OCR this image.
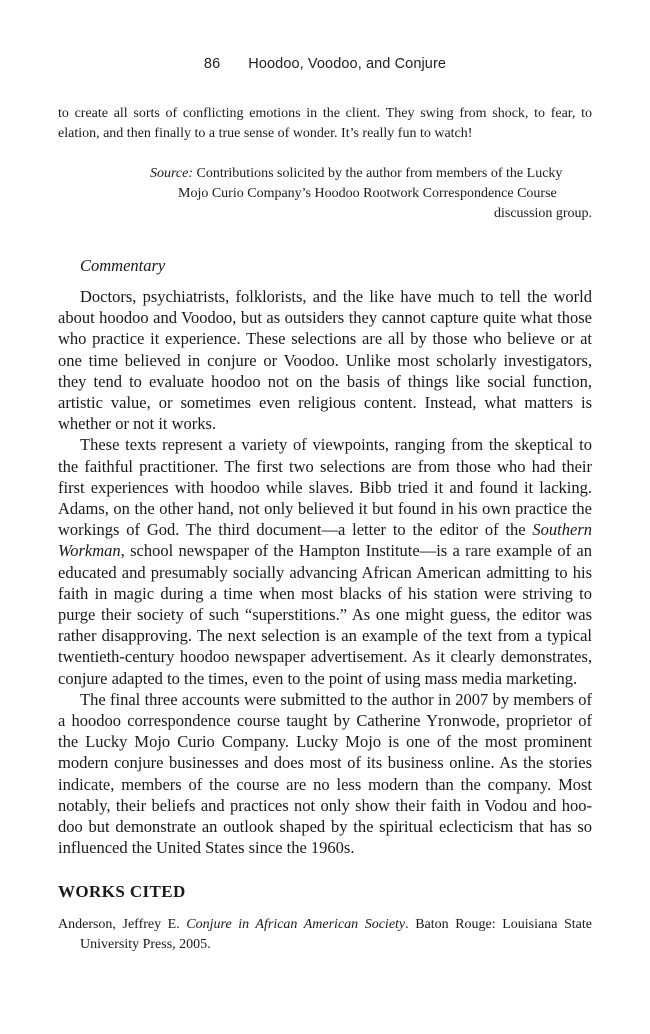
86 Hoodoo, Voodoo, and Conjure

to create all sorts of conflicting emotions in the client. They swing from shock, to fear, to elation, and then finally to a true sense of wonder. It’s really fun to watch!

Source: Contributions solicited by the author from members of the Lucky
Mojo Curio Company’s Hoodoo Rootwork Correspondence Course
discussion group.
Commentary

Doctors, psychiatrists, folklorists, and the like have much to tell the world about hoodoo and Voodoo, but as outsiders they cannot capture quite what those who practice it experience. These selections are all by those who believe or at one time believed in conjure or Voodoo. Unlike most scholarly investigators, they tend to evaluate hoodoo not on the basis of things like social function, artistic value, or sometimes even religious content. Instead, what matters is whether or not it works.

These texts represent a variety of viewpoints, ranging from the skeptical to the faithful practitioner. The first two selections are from those who had their first experiences with hoodoo while slaves. Bibb tried it and found it lacking. Adams, on the other hand, not only believed it but found in his own practice the workings of God. The third document—a letter to the editor of the Southern Workman, school newspaper of the Hampton Institute—is a rare example of an educated and presumably socially advancing African American admitting to his faith in magic during a time when most blacks of his station were striving to purge their society of such “superstitions.” As one might guess, the editor was rather disapproving. The next selection is an example of the text from a typical twentieth-century hoodoo newspaper advertisement. As it clearly demonstrates, conjure adapted to the times, even to the point of using mass media marketing.

The final three accounts were submitted to the author in 2007 by members of a hoodoo correspondence course taught by Catherine Yronwode, proprietor of the Lucky Mojo Curio Company. Lucky Mojo is one of the most prominent modern conjure businesses and does most of its business online. As the stories indicate, members of the course are no less modern than the company. Most notably, their beliefs and practices not only show their faith in Vodou and hoodoo but demonstrate an outlook shaped by the spiritual eclecticism that has so influenced the United States since the 1960s.

WORKS CITED
Anderson, Jeffrey E. Conjure in African American Society. Baton Rouge: Louisiana State University Press, 2005.
